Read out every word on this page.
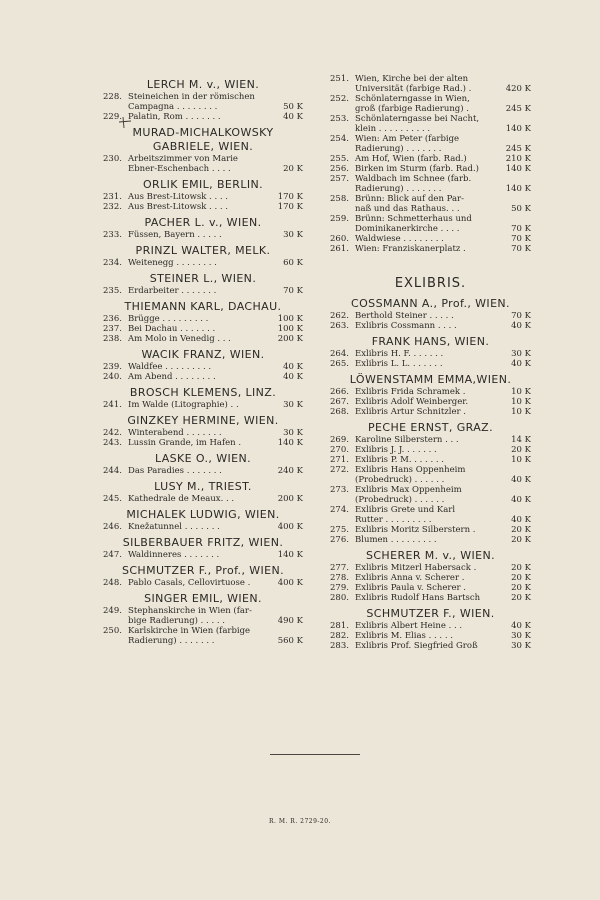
LERCH M. v., WIEN.
228. Steineichen in der römischen
Campagna . . . . . . . .	50 K
229. Palatin, Rom . . . . . . .	40 K
MURAD-MICHALKOWSKY
GABRIELE, WIEN.
230. Arbeitszimmer von Marie
Ebner-Eschenbach . . . .	20 K
ORLIK EMIL, BERLIN.
231. Aus Brest-Litowsk . . . .	170 K
232. Aus Brest-Litowsk . . . .	170 K
PACHER L. v., WIEN.
233. Füssen, Bayern . . . . .	30 K
PRINZL WALTER, MELK.
234. Weitenegg . . . . . . . .	60 K
STEINER L., WIEN.
235. Erdarbeiter . . . . . . .	70 K
THIEMANN KARL, DACHAU.
236. Brügge . . . . . . . . .	100 K
237. Bei Dachau . . . . . . .	100 K
238. Am Molo in Venedig . . .	200 K
WACIK FRANZ, WIEN.
239. Waldfee . . . . . . . . .	40 K
240. Am Abend . . . . . . . .	40 K
BROSCH KLEMENS, LINZ.
241. Im Walde (Litographie) . .	30 K
GINZKEY HERMINE, WIEN.
242. Winterabend . . . . . . .	30 K
243. Lussin Grande, im Hafen .	140 K
LASKE O., WIEN.
244. Das Paradies . . . . . . .	240 K
LUSY M., TRIEST.
245. Kathedrale de Meaux. . .	200 K
MICHALEK LUDWIG, WIEN.
246. Knežatunnel . . . . . . .	400 K
SILBERBAUER FRITZ, WIEN.
247. Waldinneres . . . . . . .	140 K
SCHMUTZER F., Prof., WIEN.
248. Pablo Casals, Cellovirtuose .	400 K
SINGER EMIL, WIEN.
249. Stephanskirche in Wien (far-
bige Radierung) . . . . .	490 K
250. Karlskirche in Wien (farbige
Radierung) . . . . . . .	560 K
251. Wien, Kirche bei der alten
Universität (farbige Rad.) .	420 K
252. Schönlaterngasse in Wien,
groß (farbige Radierung) .	245 K
253. Schönlaterngasse bei Nacht,
klein . . . . . . . . . .	140 K
254. Wien: Am Peter (farbige
Radierung) . . . . . . .	245 K
255. Am Hof, Wien (farb. Rad.)	210 K
256. Birken im Sturm (farb. Rad.)	140 K
257. Waldbach im Schnee (farb.
Radierung) . . . . . . .	140 K
258. Brünn: Blick auf den Par-
naß und das Rathaus. . .	50 K
259. Brünn: Schmetterhaus und
Dominikanerkirche . . . .	70 K
260. Waldwiese . . . . . . . .	70 K
261. Wien: Franziskanerplatz .	70 K
EXLIBRIS.
COSSMANN A., Prof., WIEN.
262. Berthold Steiner . . . . .	70 K
263. Exlibris Cossmann . . . .	40 K
FRANK HANS, WIEN.
264. Exlibris H. F. . . . . . .	30 K
265. Exlibris L. L. . . . . . .	40 K
LÖWENSTAMM EMMA,WIEN.
266. Exlibris Frida Schramek .	10 K
267. Exlibris Adolf Weinberger.	10 K
268. Exlibris Artur Schnitzler .	10 K
PECHE ERNST, GRAZ.
269. Karoline Silberstern . . .	14 K
270. Exlibris J. J. . . . . . .	20 K
271. Exlibris P. M. . . . . . .	10 K
272. Exlibris Hans Oppenheim
(Probedruck) . . . . . .	40 K
273. Exlibris Max Oppenheim
(Probedruck) . . . . . .	40 K
274. Exlibris Grete und Karl
Rutter . . . . . . . . .	40 K
275. Exlibris Moritz Silberstern .	20 K
276. Blumen . . . . . . . . .	20 K
SCHERER M. v., WIEN.
277. Exlibris Mitzerl Habersack .	20 K
278. Exlibris Anna v. Scherer .	20 K
279. Exlibris Paula v. Scherer .	20 K
280. Exlibris Rudolf Hans Bartsch	20 K
SCHMUTZER F., WIEN.
281. Exlibris Albert Heine . . .	40 K
282. Exlibris M. Elias . . . . .	30 K
283. Exlibris Prof. Siegfried Groß	30 K
R. M. R. 2729-20.
